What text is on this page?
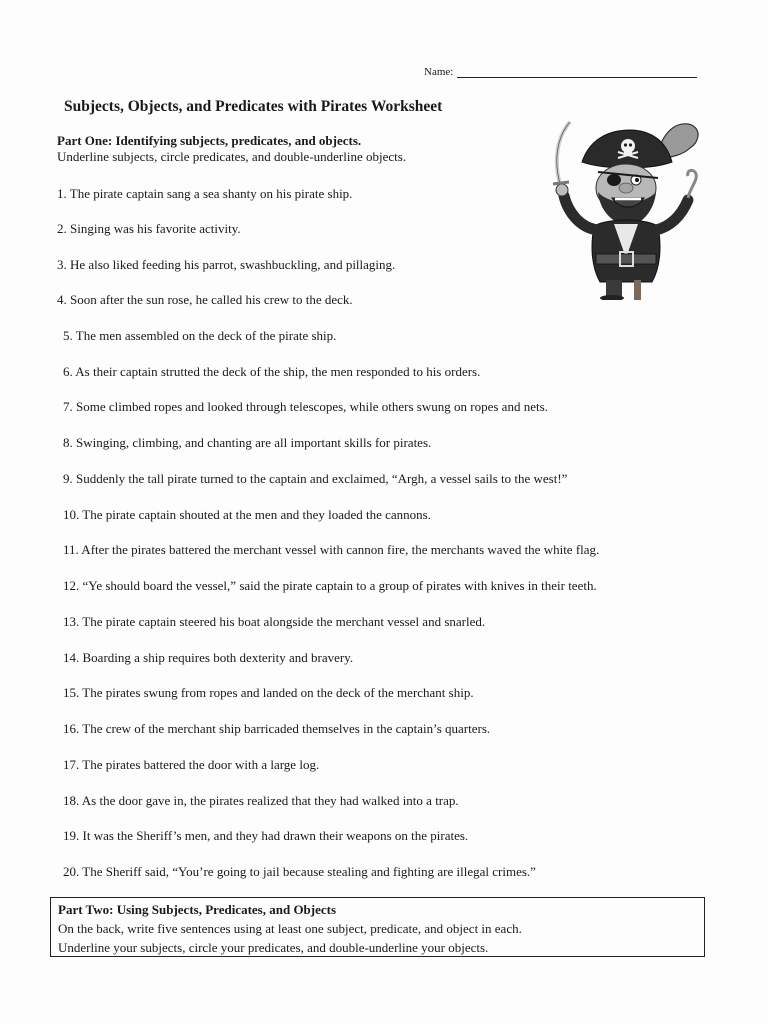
Name:
Subjects, Objects, and Predicates with Pirates Worksheet
Part One: Identifying subjects, predicates, and objects.
Underline subjects, circle predicates, and double-underline objects.
1. The pirate captain sang a sea shanty on his pirate ship.
2. Singing was his favorite activity.
3. He also liked feeding his parrot, swashbuckling, and pillaging.
4. Soon after the sun rose, he called his crew to the deck.
5. The men assembled on the deck of the pirate ship.
6. As their captain strutted the deck of the ship, the men responded to his orders.
7. Some climbed ropes and looked through telescopes, while others swung on ropes and nets.
8. Swinging, climbing, and chanting are all important skills for pirates.
9. Suddenly the tall pirate turned to the captain and exclaimed, “Argh, a vessel sails to the west!”
10. The pirate captain shouted at the men and they loaded the cannons.
11. After the pirates battered the merchant vessel with cannon fire, the merchants waved the white flag.
12. “Ye should board the vessel,” said the pirate captain to a group of pirates with knives in their teeth.
13. The pirate captain steered his boat alongside the merchant vessel and snarled.
14. Boarding a ship requires both dexterity and bravery.
15. The pirates swung from ropes and landed on the deck of the merchant ship.
16. The crew of the merchant ship barricaded themselves in the captain’s quarters.
17. The pirates battered the door with a large log.
18. As the door gave in, the pirates realized that they had walked into a trap.
19. It was the Sheriff’s men, and they had drawn their weapons on the pirates.
20. The Sheriff said, “You’re going to jail because stealing and fighting are illegal crimes.”
Part Two: Using Subjects, Predicates, and Objects
On the back, write five sentences using at least one subject, predicate, and object in each.
Underline your subjects, circle your predicates, and double-underline your objects.
